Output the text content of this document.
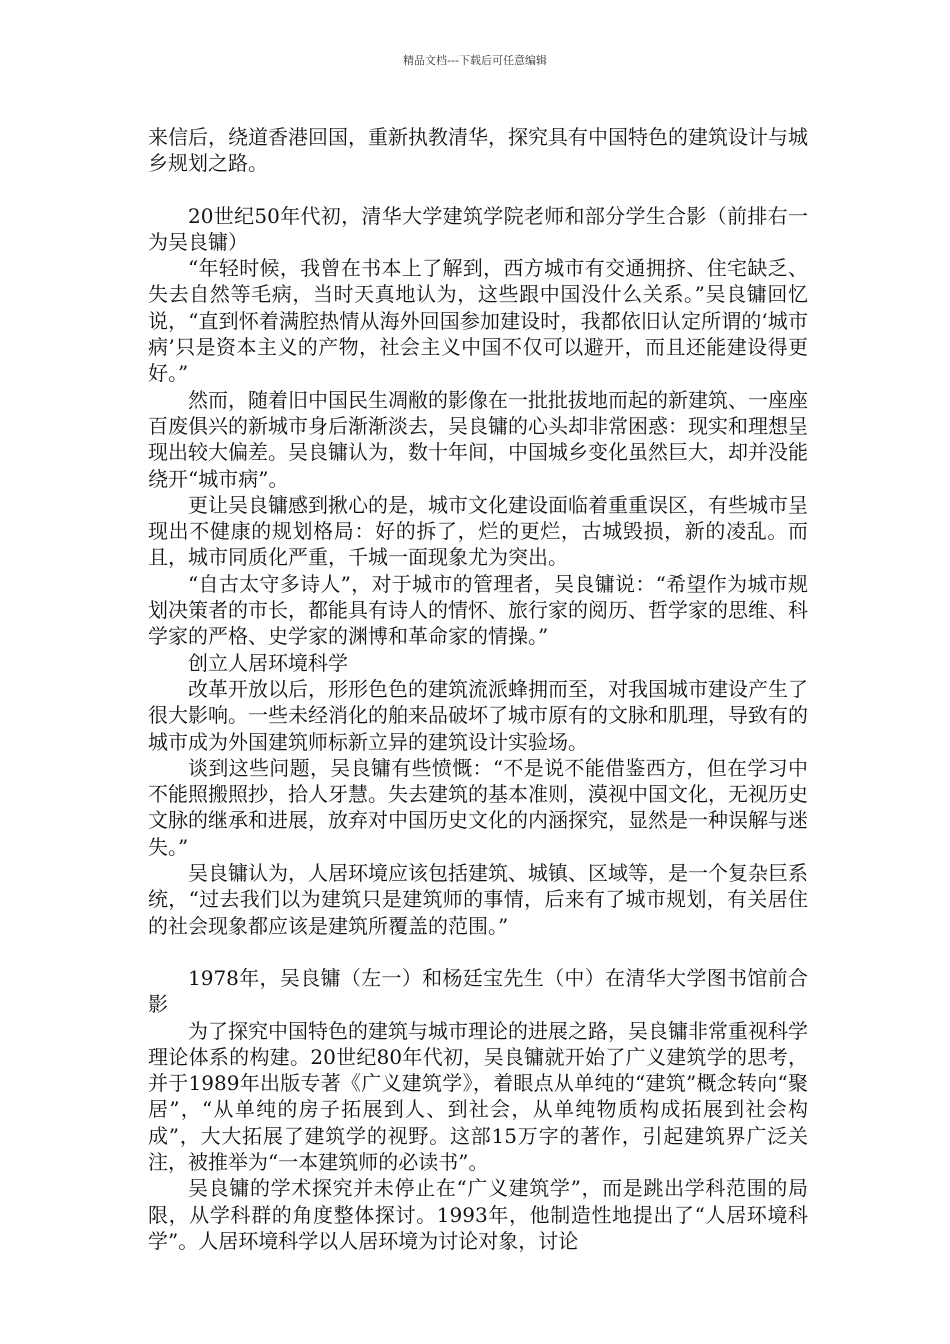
精品文档---下载后可任意编辑

来信后，绕道香港回国，重新执教清华，探究具有中国特色的建筑设计与城乡规划之路。

20世纪50年代初，清华大学建筑学院老师和部分学生合影（前排右一为吴良镛）

“年轻时候，我曾在书本上了解到，西方城市有交通拥挤、住宅缺乏、失去自然等毛病，当时天真地认为，这些跟中国没什么关系。”吴良镛回忆说，“直到怀着满腔热情从海外回国参加建设时，我都依旧认定所谓的‘城市病’只是资本主义的产物，社会主义中国不仅可以避开，而且还能建设得更好。”

然而，随着旧中国民生凋敝的影像在一批批拔地而起的新建筑、一座座百废俱兴的新城市身后渐渐淡去，吴良镛的心头却非常困惑：现实和理想呈现出较大偏差。吴良镛认为，数十年间，中国城乡变化虽然巨大，却并没能绕开“城市病”。

更让吴良镛感到揪心的是，城市文化建设面临着重重误区，有些城市呈现出不健康的规划格局：好的拆了，烂的更烂，古城毁损，新的凌乱。而且，城市同质化严重，千城一面现象尤为突出。

“自古太守多诗人”，对于城市的管理者，吴良镛说：“希望作为城市规划决策者的市长，都能具有诗人的情怀、旅行家的阅历、哲学家的思维、科学家的严格、史学家的渊博和革命家的情操。”

创立人居环境科学

改革开放以后，形形色色的建筑流派蜂拥而至，对我国城市建设产生了很大影响。一些未经消化的舶来品破坏了城市原有的文脉和肌理，导致有的城市成为外国建筑师标新立异的建筑设计实验场。

谈到这些问题，吴良镛有些愤慨：“不是说不能借鉴西方，但在学习中不能照搬照抄，拾人牙慧。失去建筑的基本准则，漠视中国文化，无视历史文脉的继承和进展，放弃对中国历史文化的内涵探究，显然是一种误解与迷失。”

吴良镛认为，人居环境应该包括建筑、城镇、区域等，是一个复杂巨系统，“过去我们以为建筑只是建筑师的事情，后来有了城市规划，有关居住的社会现象都应该是建筑所覆盖的范围。”

1978年，吴良镛（左一）和杨廷宝先生（中）在清华大学图书馆前合影

为了探究中国特色的建筑与城市理论的进展之路，吴良镛非常重视科学理论体系的构建。20世纪80年代初，吴良镛就开始了广义建筑学的思考，并于1989年出版专著《广义建筑学》，着眼点从单纯的“建筑”概念转向“聚居”，“从单纯的房子拓展到人、到社会，从单纯物质构成拓展到社会构成”，大大拓展了建筑学的视野。这部15万字的著作，引起建筑界广泛关注，被推举为“一本建筑师的必读书”。

吴良镛的学术探究并未停止在“广义建筑学”，而是跳出学科范围的局限，从学科群的角度整体探讨。1993年，他制造性地提出了“人居环境科学”。人居环境科学以人居环境为讨论对象，讨论
